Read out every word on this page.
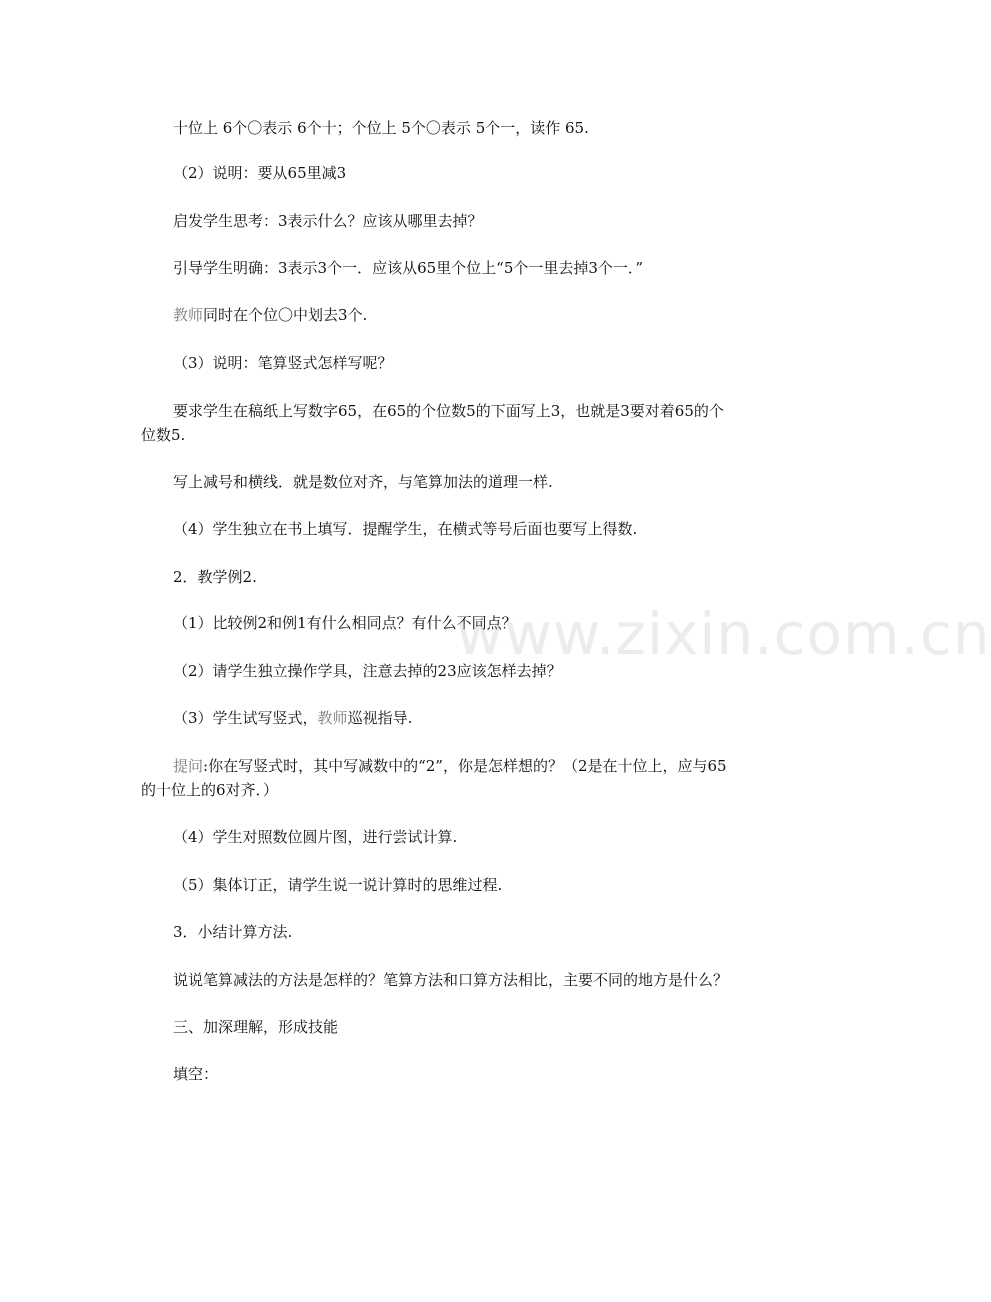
十位上 6个〇表示 6个十；个位上 5个〇表示 5个一，读作 65.
（2）说明：要从65里减3
启发学生思考：3表示什么？应该从哪里去掉？
引导学生明确：3表示3个一．应该从65里个位上“5个一里去掉3个一．”
教师同时在个位〇中划去3个.
（3）说明：笔算竖式怎样写呢？
要求学生在稿纸上写数字65，在65的个位数5的下面写上3，也就是3要对着65的个
位数5.
写上减号和横线．就是数位对齐，与笔算加法的道理一样.
（4）学生独立在书上填写．提醒学生，在横式等号后面也要写上得数.
2．教学例2.
（1）比较例2和例1有什么相同点？有什么不同点？
（2）请学生独立操作学具，注意去掉的23应该怎样去掉？
（3）学生试写竖式，教师巡视指导.
提问:你在写竖式时，其中写减数中的“2”，你是怎样想的？（2是在十位上，应与65
的十位上的6对齐．）
（4）学生对照数位圆片图，进行尝试计算.
（5）集体订正，请学生说一说计算时的思维过程.
3．小结计算方法.
说说笔算减法的方法是怎样的？笔算方法和口算方法相比，主要不同的地方是什么？
三、加深理解，形成技能
填空：
www.zixin.com.cn
